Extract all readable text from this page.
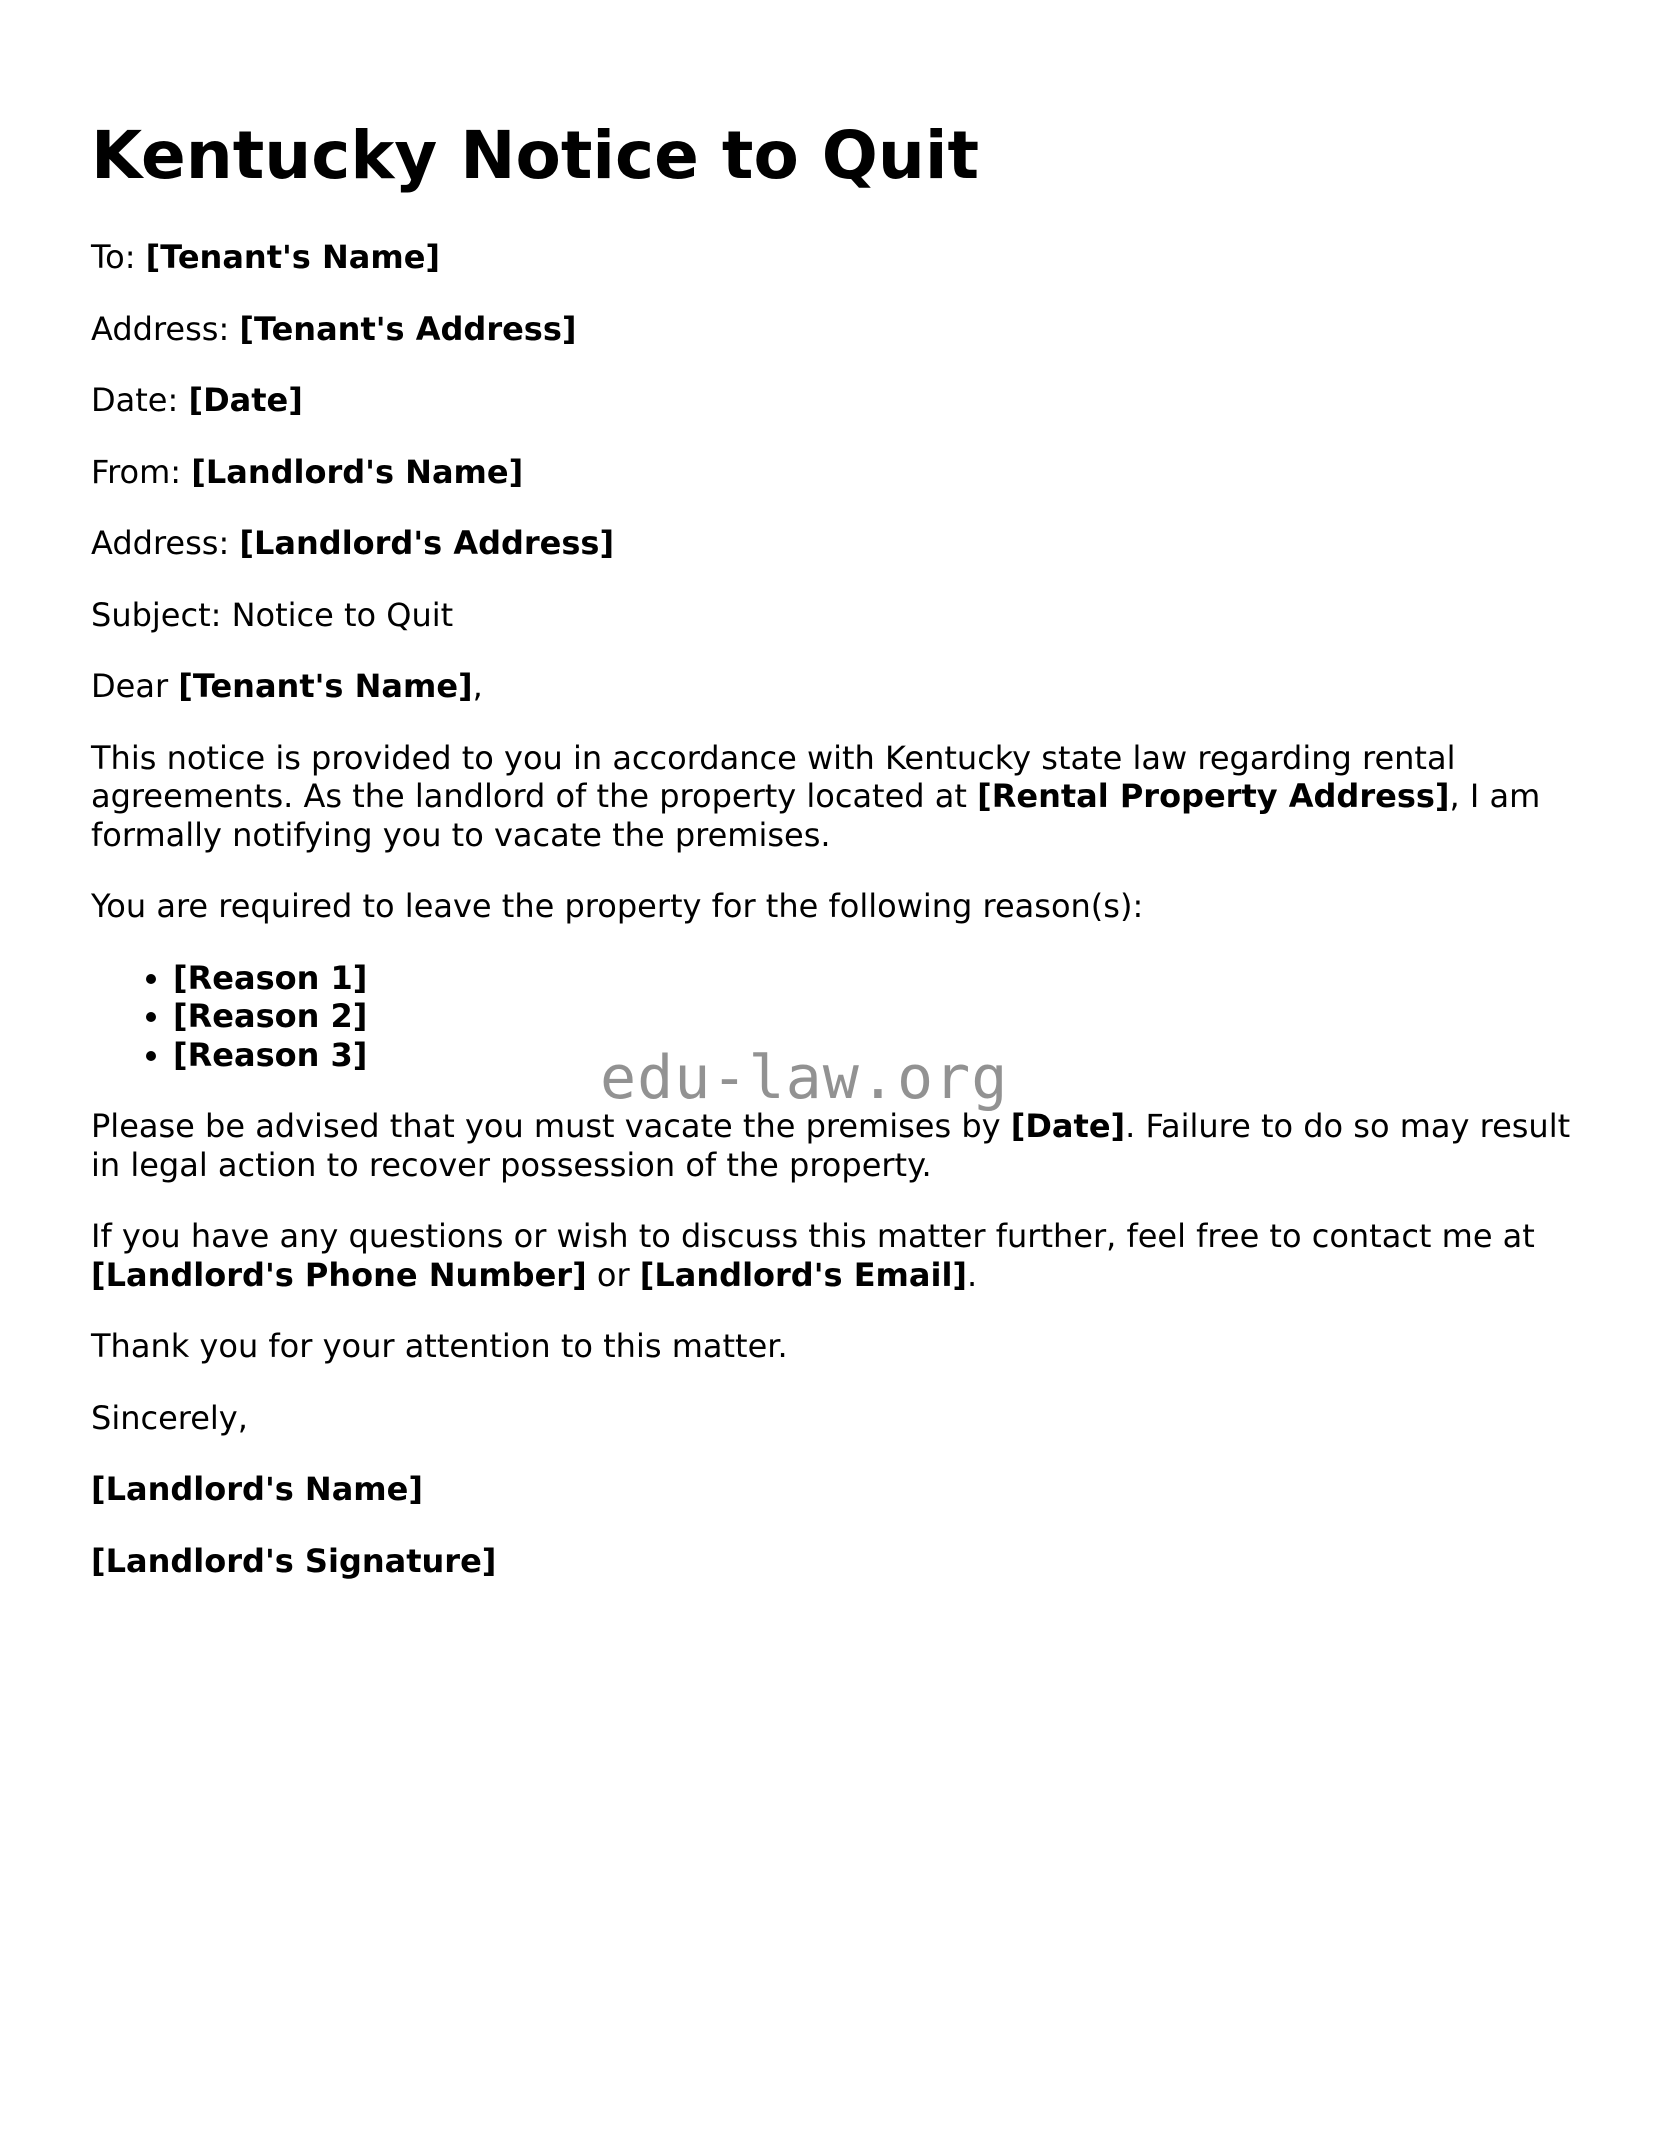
Kentucky Notice to Quit

To: [Tenant's Name]

Address: [Tenant's Address]

Date: [Date]

From: [Landlord's Name]

Address: [Landlord's Address]

Subject: Notice to Quit

Dear [Tenant's Name],

This notice is provided to you in accordance with Kentucky state law regarding rental agreements. As the landlord of the property located at [Rental Property Address], I am formally notifying you to vacate the premises.

You are required to leave the property for the following reason(s):

• [Reason 1]
• [Reason 2]
• [Reason 3]

Please be advised that you must vacate the premises by [Date]. Failure to do so may result in legal action to recover possession of the property.

If you have any questions or wish to discuss this matter further, feel free to contact me at [Landlord's Phone Number] or [Landlord's Email].

Thank you for your attention to this matter.

Sincerely,

[Landlord's Name]

[Landlord's Signature]

edu-law.org
